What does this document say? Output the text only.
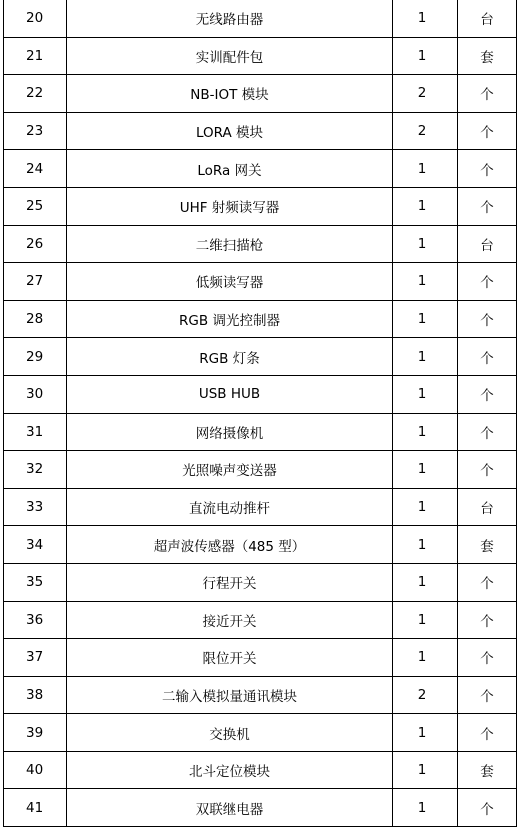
20	无线路由器	1	台
21	实训配件包	1	套
22	NB-IOT 模块	2	个
23	LORA 模块	2	个
24	LoRa 网关	1	个
25	UHF 射频读写器	1	个
26	二维扫描枪	1	台
27	低频读写器	1	个
28	RGB 调光控制器	1	个
29	RGB 灯条	1	个
30	USB HUB	1	个
31	网络摄像机	1	个
32	光照噪声变送器	1	个
33	直流电动推杆	1	台
34	超声波传感器（485 型）	1	套
35	行程开关	1	个
36	接近开关	1	个
37	限位开关	1	个
38	二输入模拟量通讯模块	2	个
39	交换机	1	个
40	北斗定位模块	1	套
41	双联继电器	1	个
